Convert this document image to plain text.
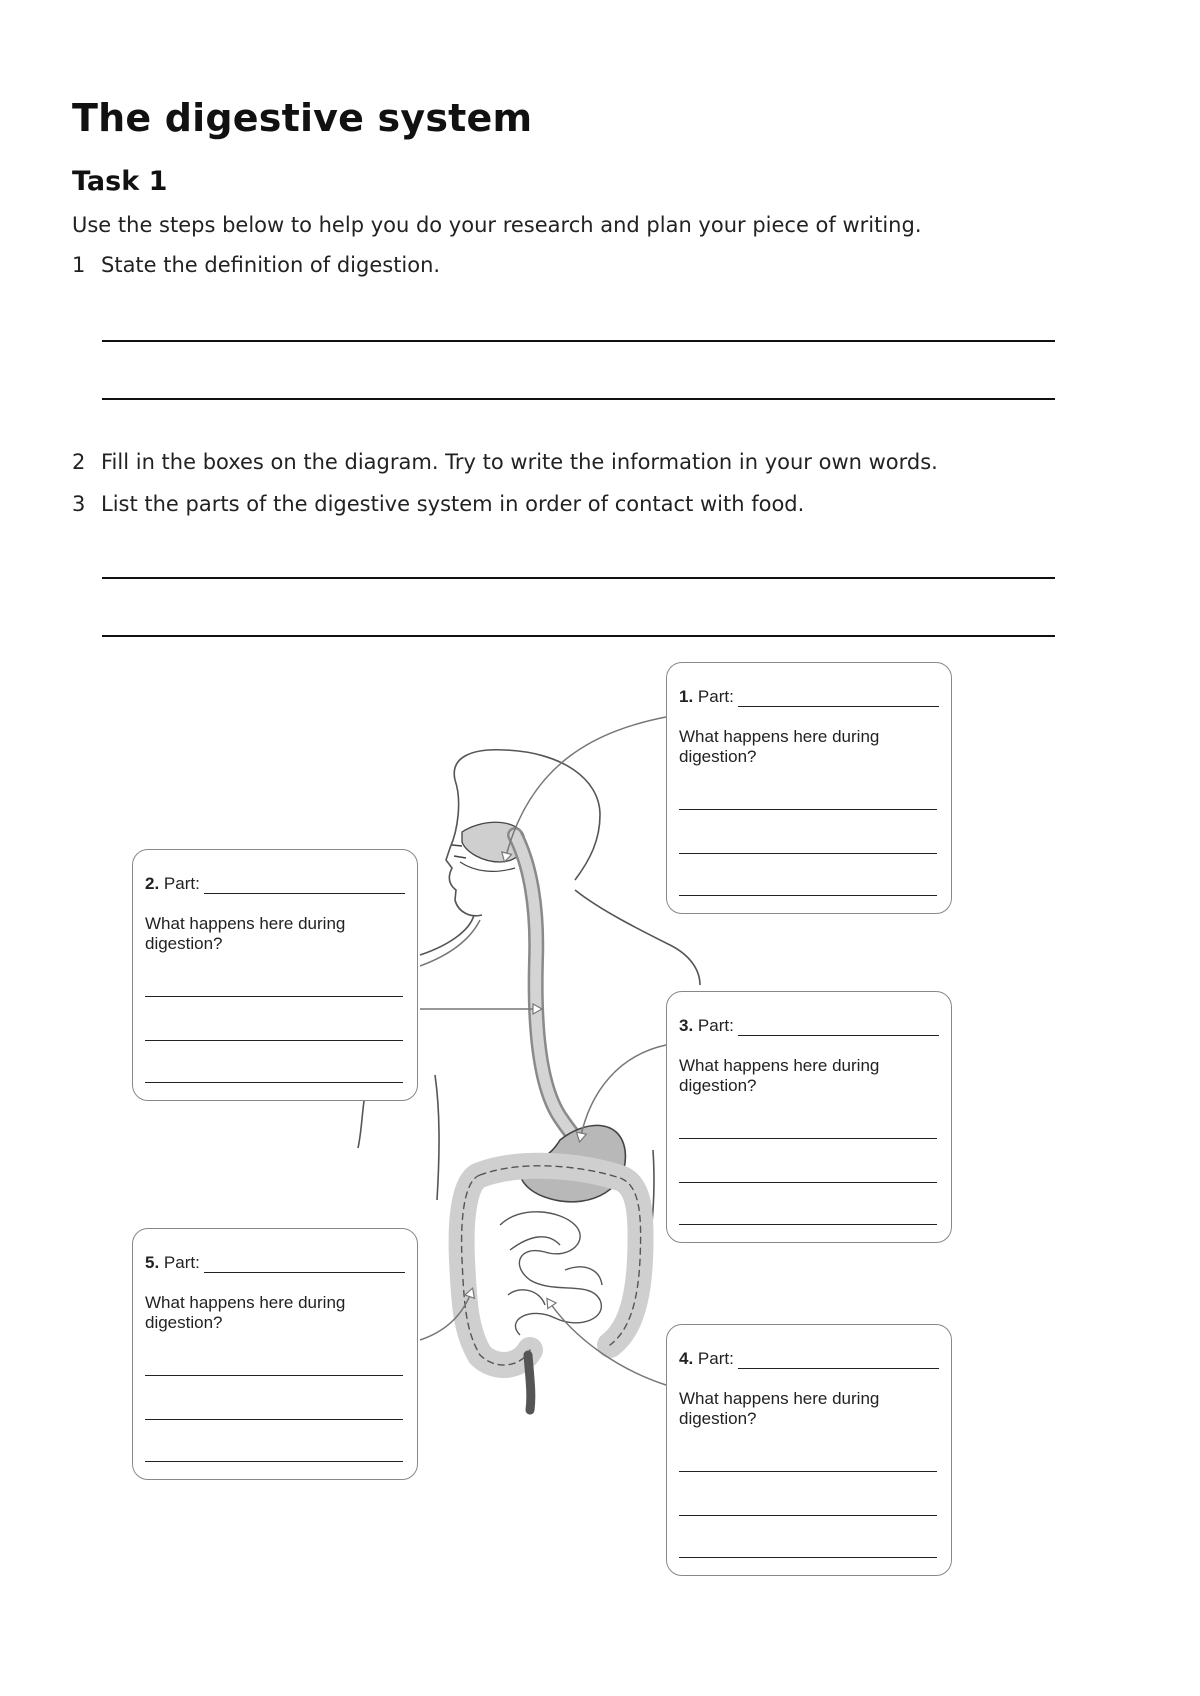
The digestive system
Task 1

Use the steps below to help you do your research and plan your piece of writing.

1 State the definition of digestion.
2 Fill in the boxes on the diagram. Try to write the information in your own words.
3 List the parts of the digestive system in order of contact with food.
1.
Part:
What happens here during digestion?
2.
Part:
What happens here during digestion?
3.
Part:
What happens here during digestion?
4.
Part:
What happens here during digestion?
5.
Part:
What happens here during digestion?
